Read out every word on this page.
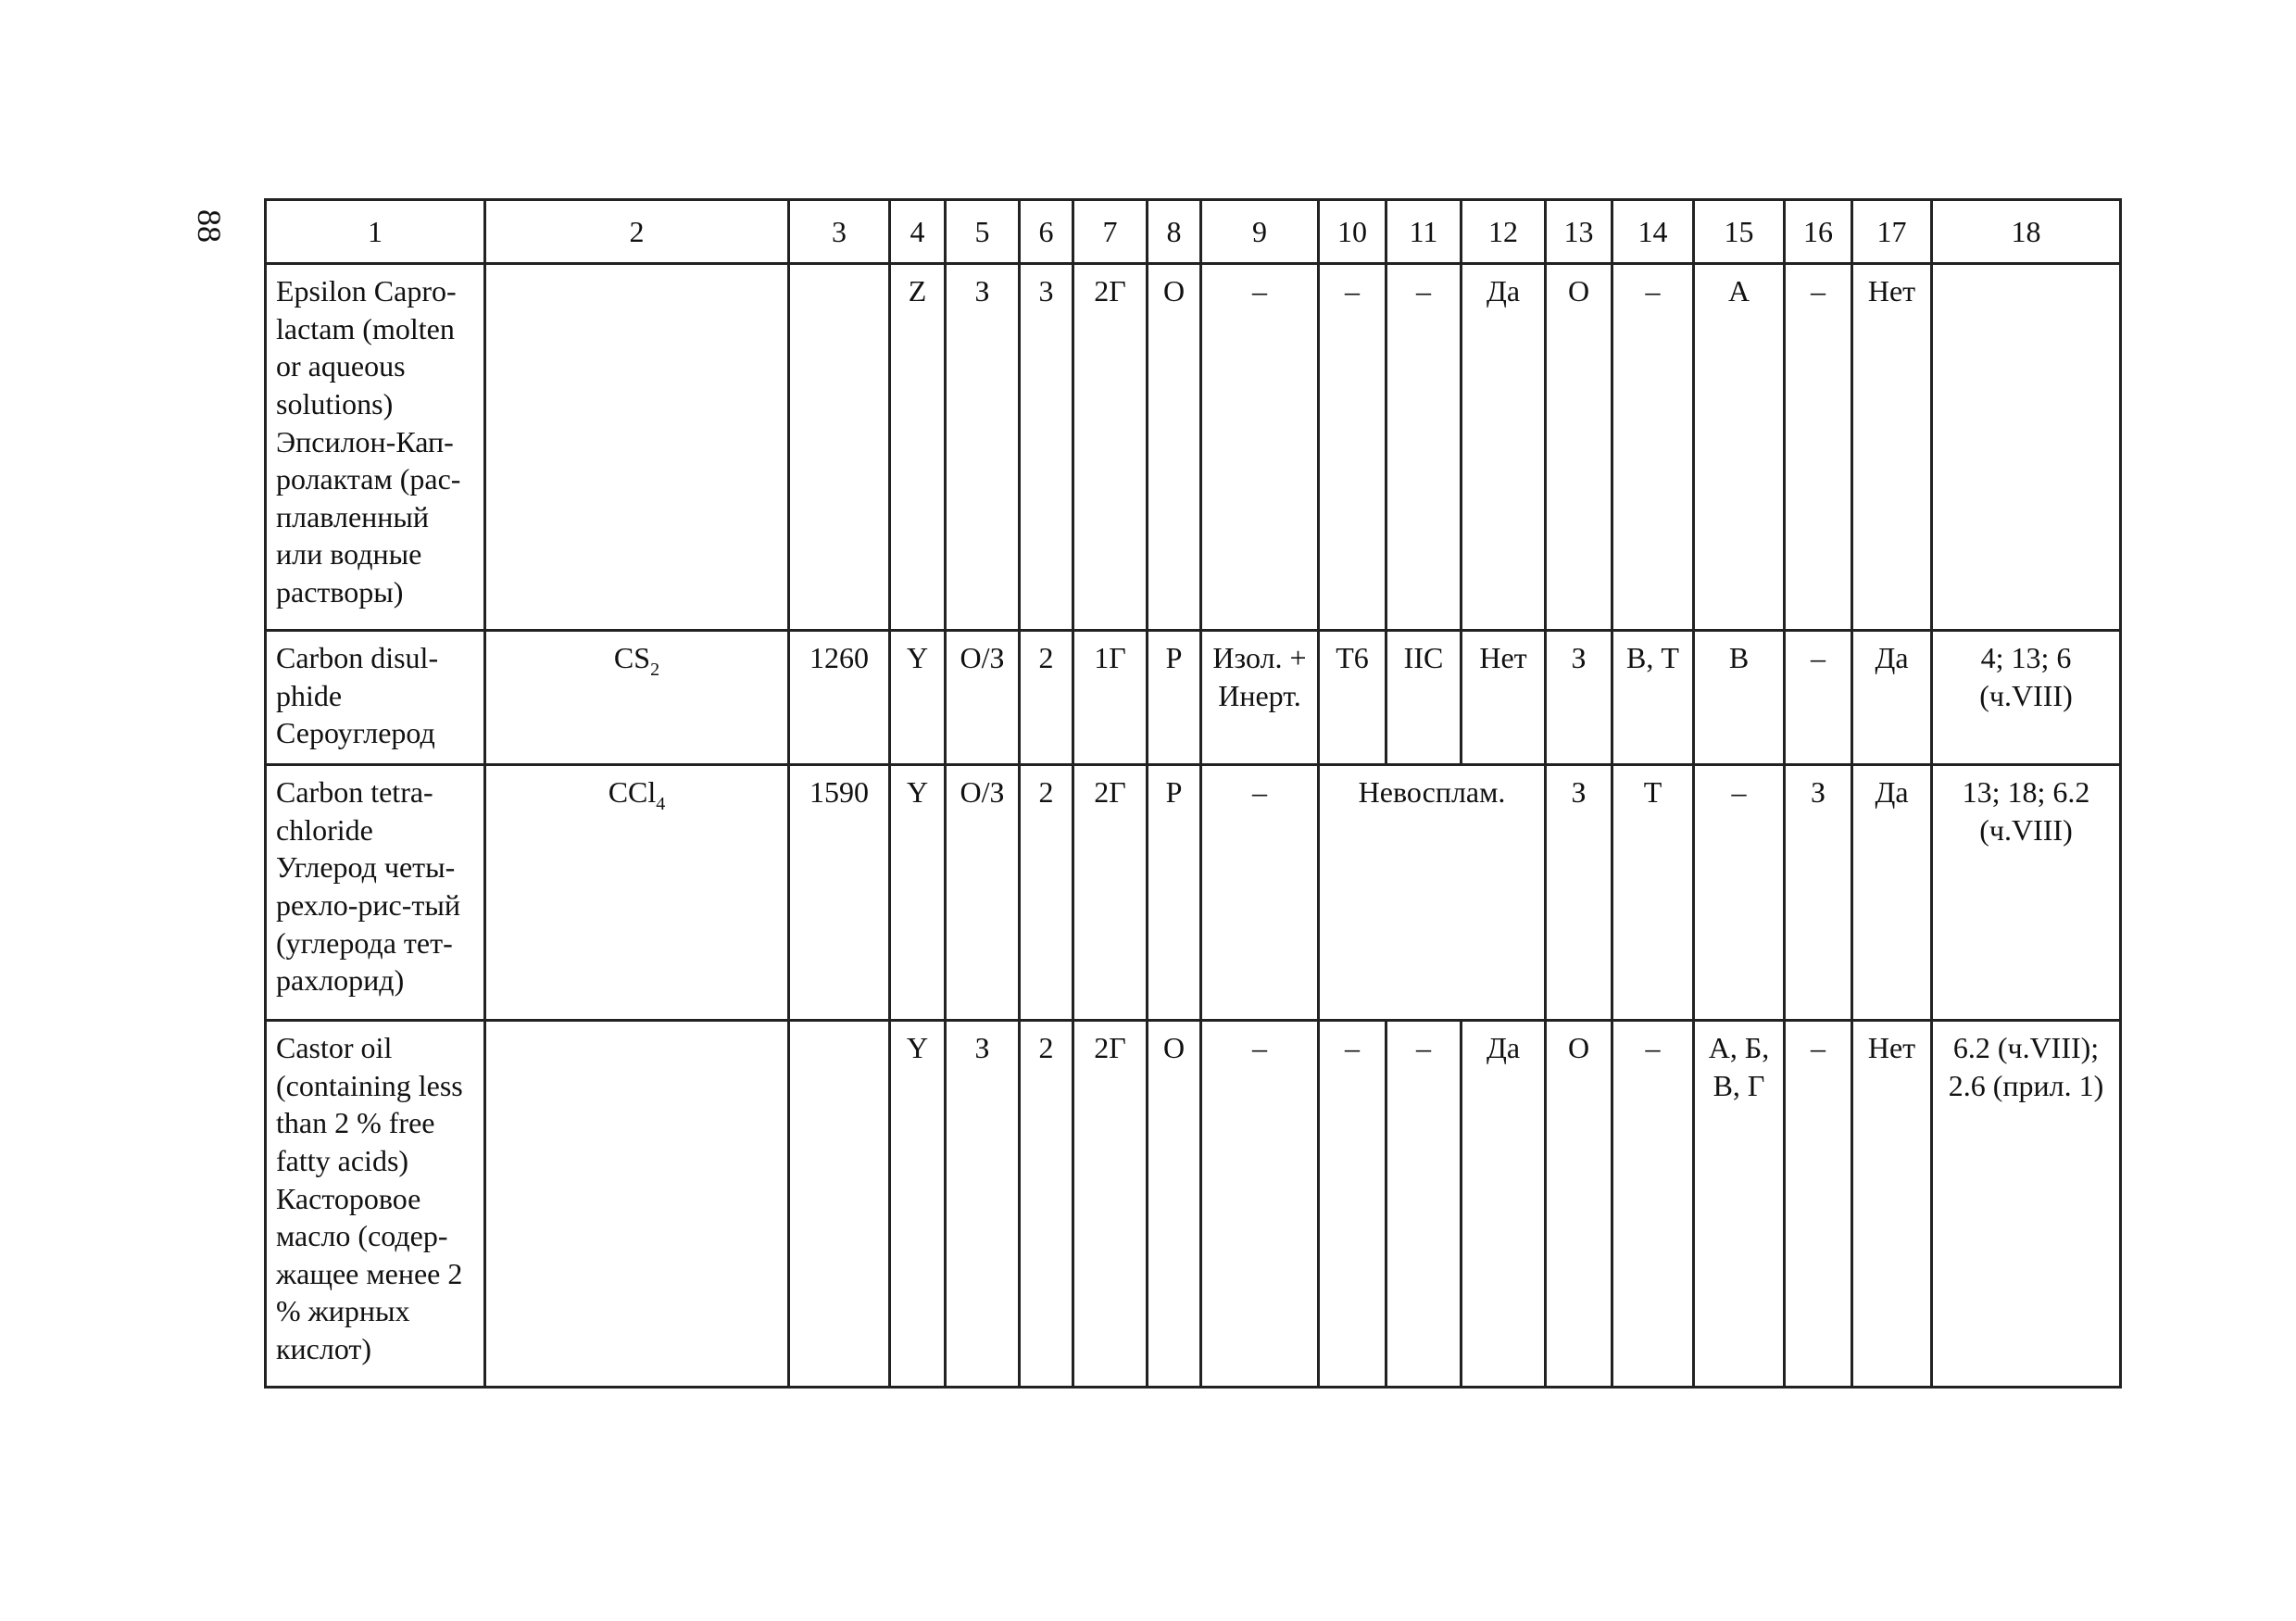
88	1	2	3	4	5	6	7	8	9	10	11	12	13	14	15	16	17	18

Epsilon Capro-lactam (molten or aqueous solutions)
Эпсилон-Кап-ролактам (рас-плавленный или водные растворы)			Z	З	3	2Г	О	–	–	–	Да	О	–	А	–	Нет	

Carbon disul-phide
Сероуглерод	$CS_2$	1260	Y	О/З	2	1Г	Р	Изол. + Инерт.	Т6	IIС	Нет	З	В, Т	В	–	Да	4; 13; 6 (ч.VIII)

Carbon tetra-chloride
Углерод четы-рехло-рис-тый (углерода тет-рахлорид)	CCl$_4$	1590	Y	О/З	2	2Г	Р	–	Невосплам.			З	Т	–	З	Да	13; 18; 6.2 (ч.VIII)

Castor oil (containing less than 2 % free fatty acids)
Касторовое масло (содер-жащее менее 2 % жирных кислот)			Y	З	2	2Г	О	–	–	–	Да	О	–	А, Б, В, Г	–	Нет	6.2 (ч.VIII); 2.6 (прил. 1)
